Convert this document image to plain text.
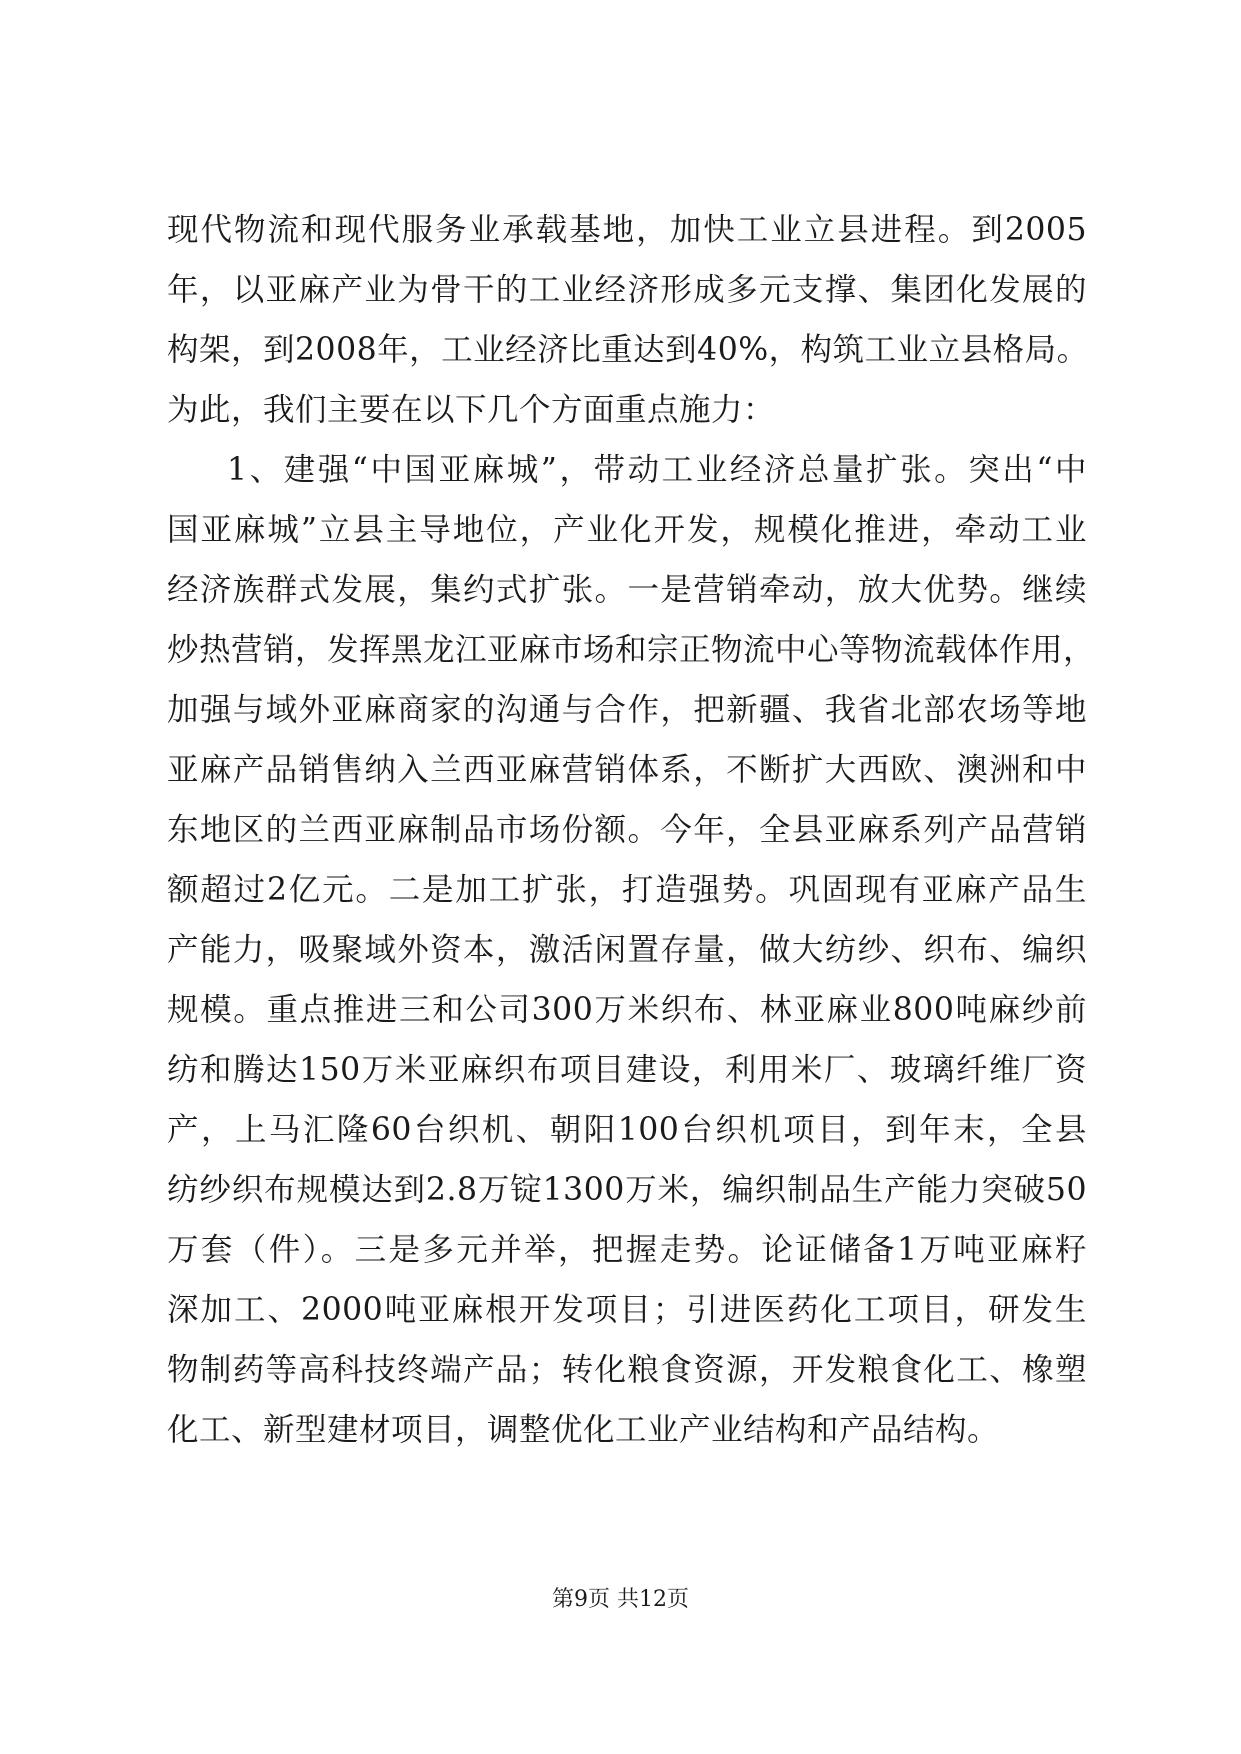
现代物流和现代服务业承载基地，加快工业立县进程。到2005
年，以亚麻产业为骨干的工业经济形成多元支撑、集团化发展的
构架，到2008年，工业经济比重达到40%，构筑工业立县格局。
为此，我们主要在以下几个方面重点施力：
1、建强“中国亚麻城”，带动工业经济总量扩张。突出“中
国亚麻城”立县主导地位，产业化开发，规模化推进，牵动工业
经济族群式发展，集约式扩张。一是营销牵动，放大优势。继续
炒热营销，发挥黑龙江亚麻市场和宗正物流中心等物流载体作用，
加强与域外亚麻商家的沟通与合作，把新疆、我省北部农场等地
亚麻产品销售纳入兰西亚麻营销体系，不断扩大西欧、澳洲和中
东地区的兰西亚麻制品市场份额。今年，全县亚麻系列产品营销
额超过2亿元。二是加工扩张，打造强势。巩固现有亚麻产品生
产能力，吸聚域外资本，激活闲置存量，做大纺纱、织布、编织
规模。重点推进三和公司300万米织布、林亚麻业800吨麻纱前
纺和腾达150万米亚麻织布项目建设，利用米厂、玻璃纤维厂资
产，上马汇隆60台织机、朝阳100台织机项目，到年末，全县
纺纱织布规模达到2.8万锭1300万米，编织制品生产能力突破50
万套（件）。三是多元并举，把握走势。论证储备1万吨亚麻籽
深加工、2000吨亚麻根开发项目；引进医药化工项目，研发生
物制药等高科技终端产品；转化粮食资源，开发粮食化工、橡塑
化工、新型建材项目，调整优化工业产业结构和产品结构。
第9页 共12页
